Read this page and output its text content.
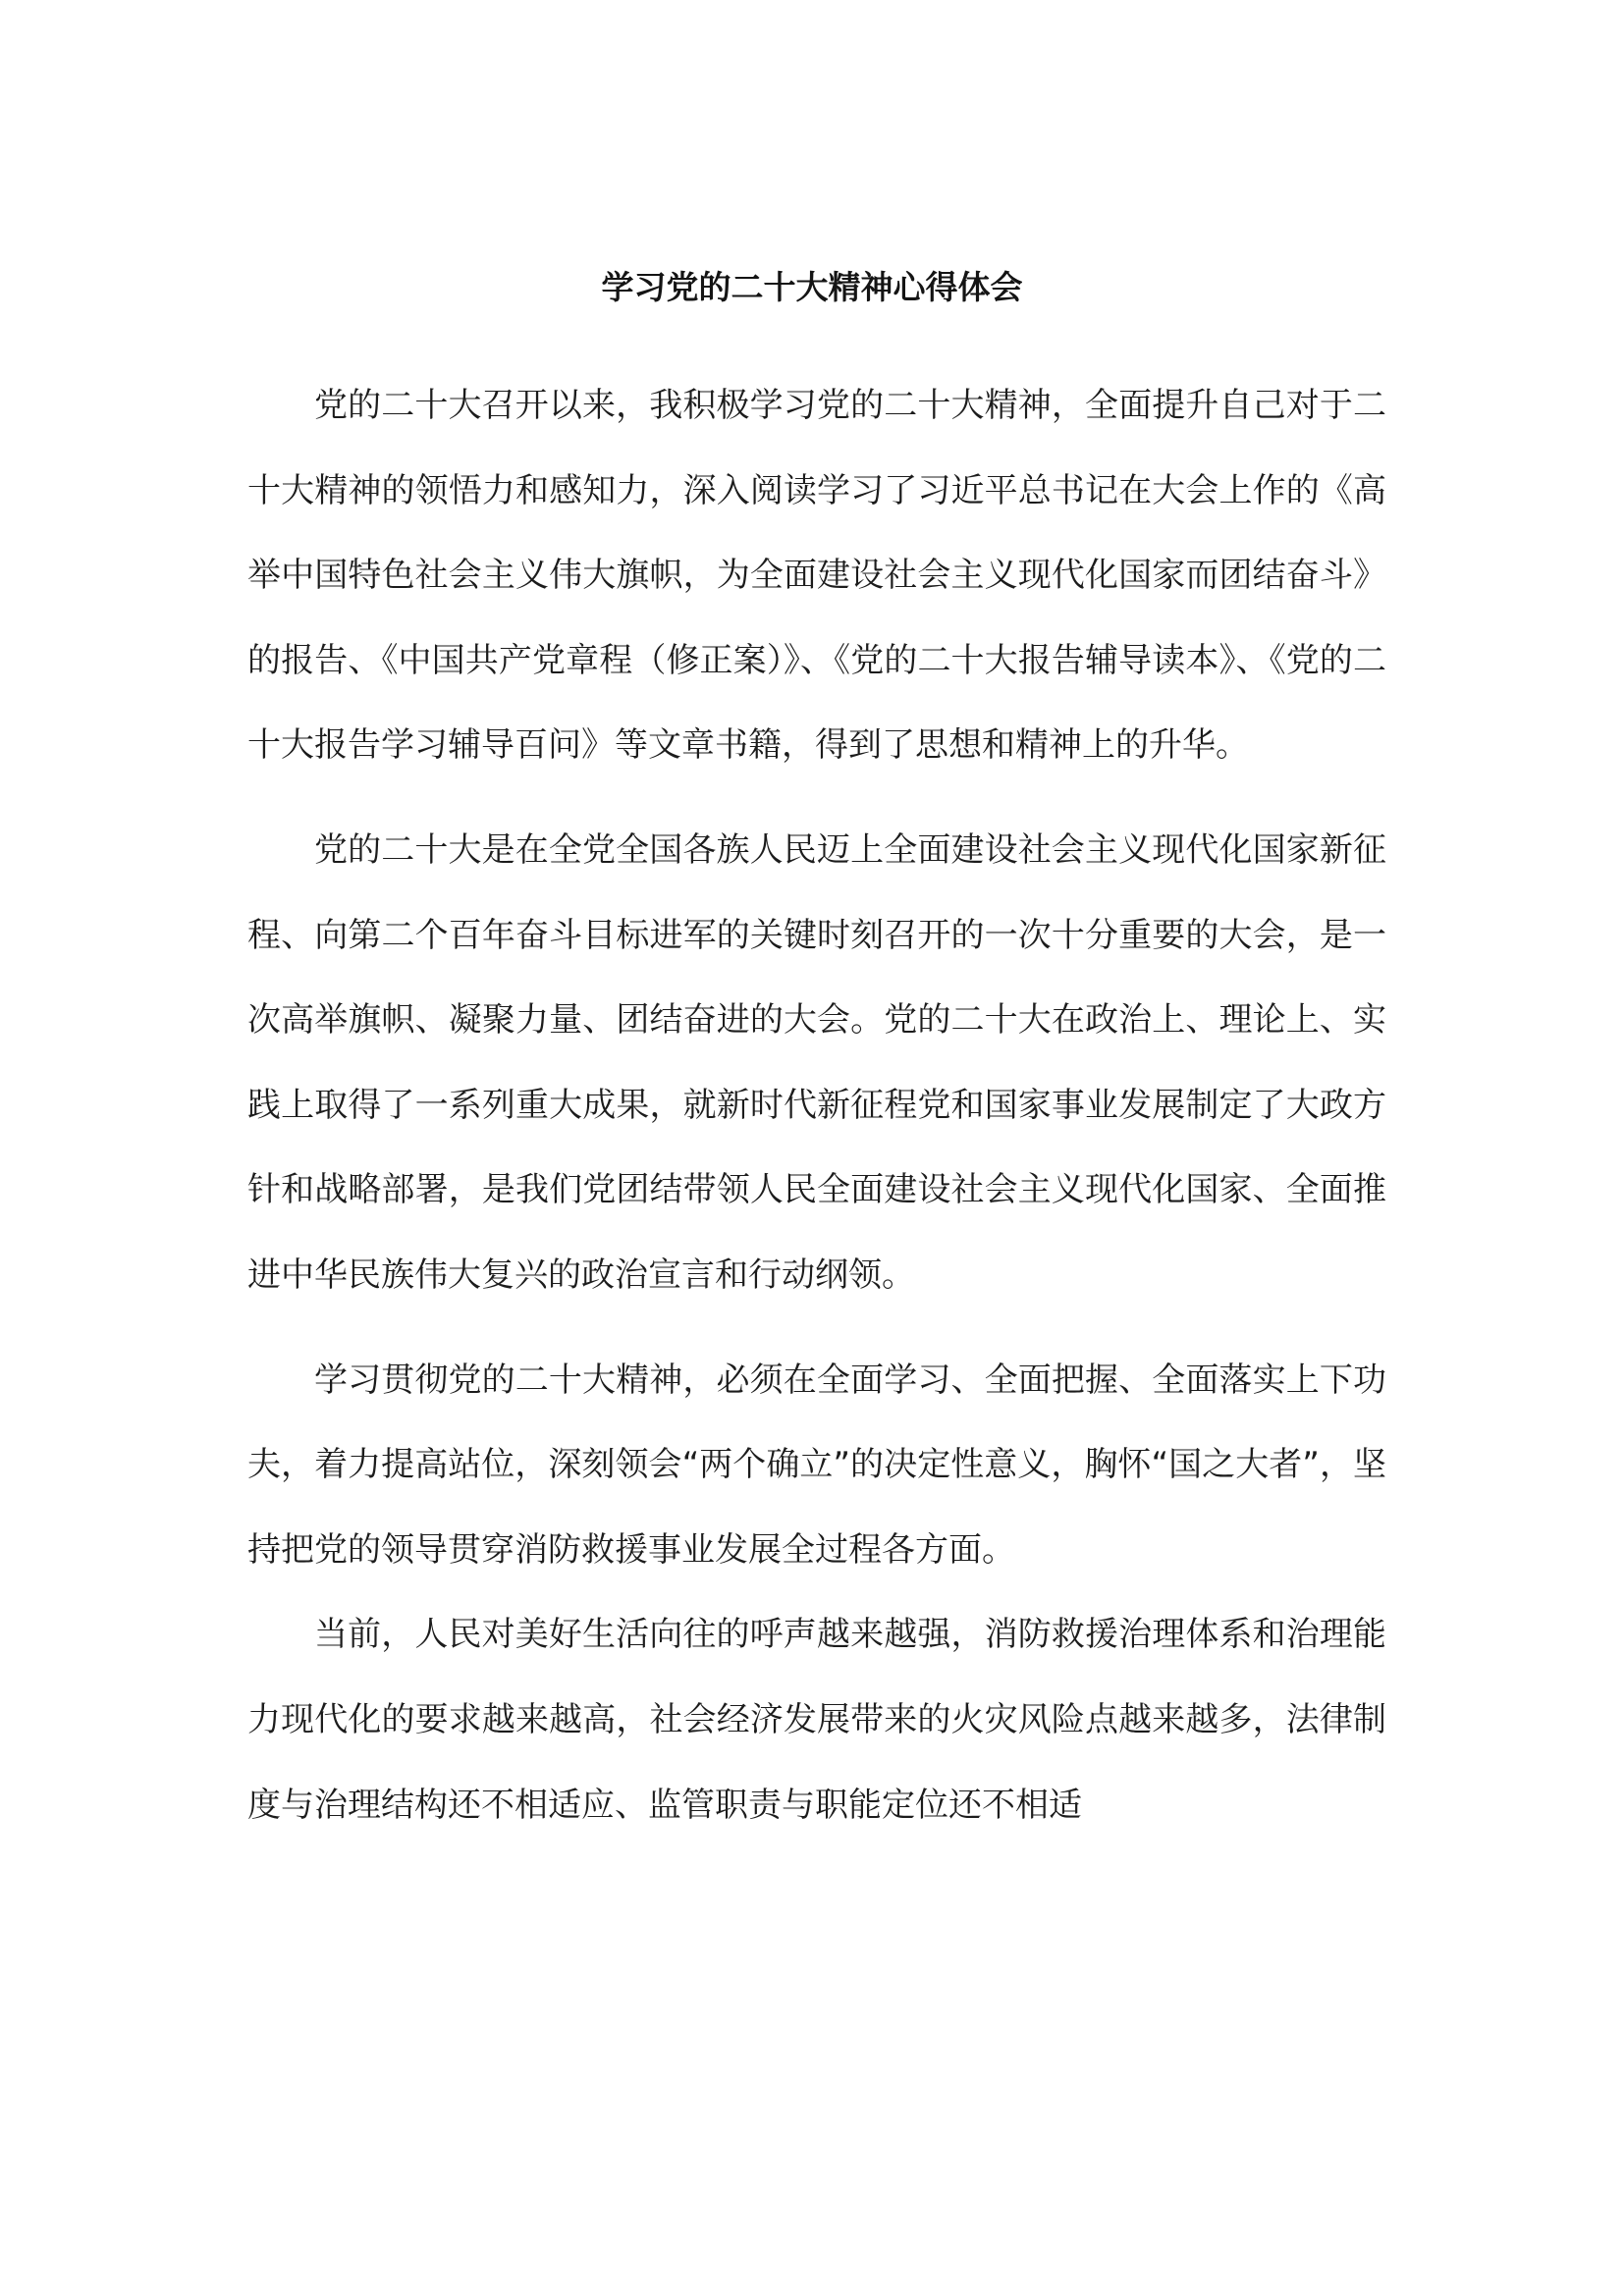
学习党的二十大精神心得体会

党的二十大召开以来，我积极学习党的二十大精神，全面提升自己对于二十大精神的领悟力和感知力，深入阅读学习了习近平总书记在大会上作的《高举中国特色社会主义伟大旗帜，为全面建设社会主义现代化国家而团结奋斗》的报告、《中国共产党章程（修正案）》、《党的二十大报告辅导读本》、《党的二十大报告学习辅导百问》等文章书籍，得到了思想和精神上的升华。

党的二十大是在全党全国各族人民迈上全面建设社会主义现代化国家新征程、向第二个百年奋斗目标进军的关键时刻召开的一次十分重要的大会，是一次高举旗帜、凝聚力量、团结奋进的大会。党的二十大在政治上、理论上、实践上取得了一系列重大成果，就新时代新征程党和国家事业发展制定了大政方针和战略部署，是我们党团结带领人民全面建设社会主义现代化国家、全面推进中华民族伟大复兴的政治宣言和行动纲领。

学习贯彻党的二十大精神，必须在全面学习、全面把握、全面落实上下功夫，着力提高站位，深刻领会“两个确立”的决定性意义，胸怀“国之大者”，坚持把党的领导贯穿消防救援事业发展全过程各方面。

当前，人民对美好生活向往的呼声越来越强，消防救援治理体系和治理能力现代化的要求越来越高，社会经济发展带来的火灾风险点越来越多，法律制度与治理结构还不相适应、监管职责与职能定位还不相适
